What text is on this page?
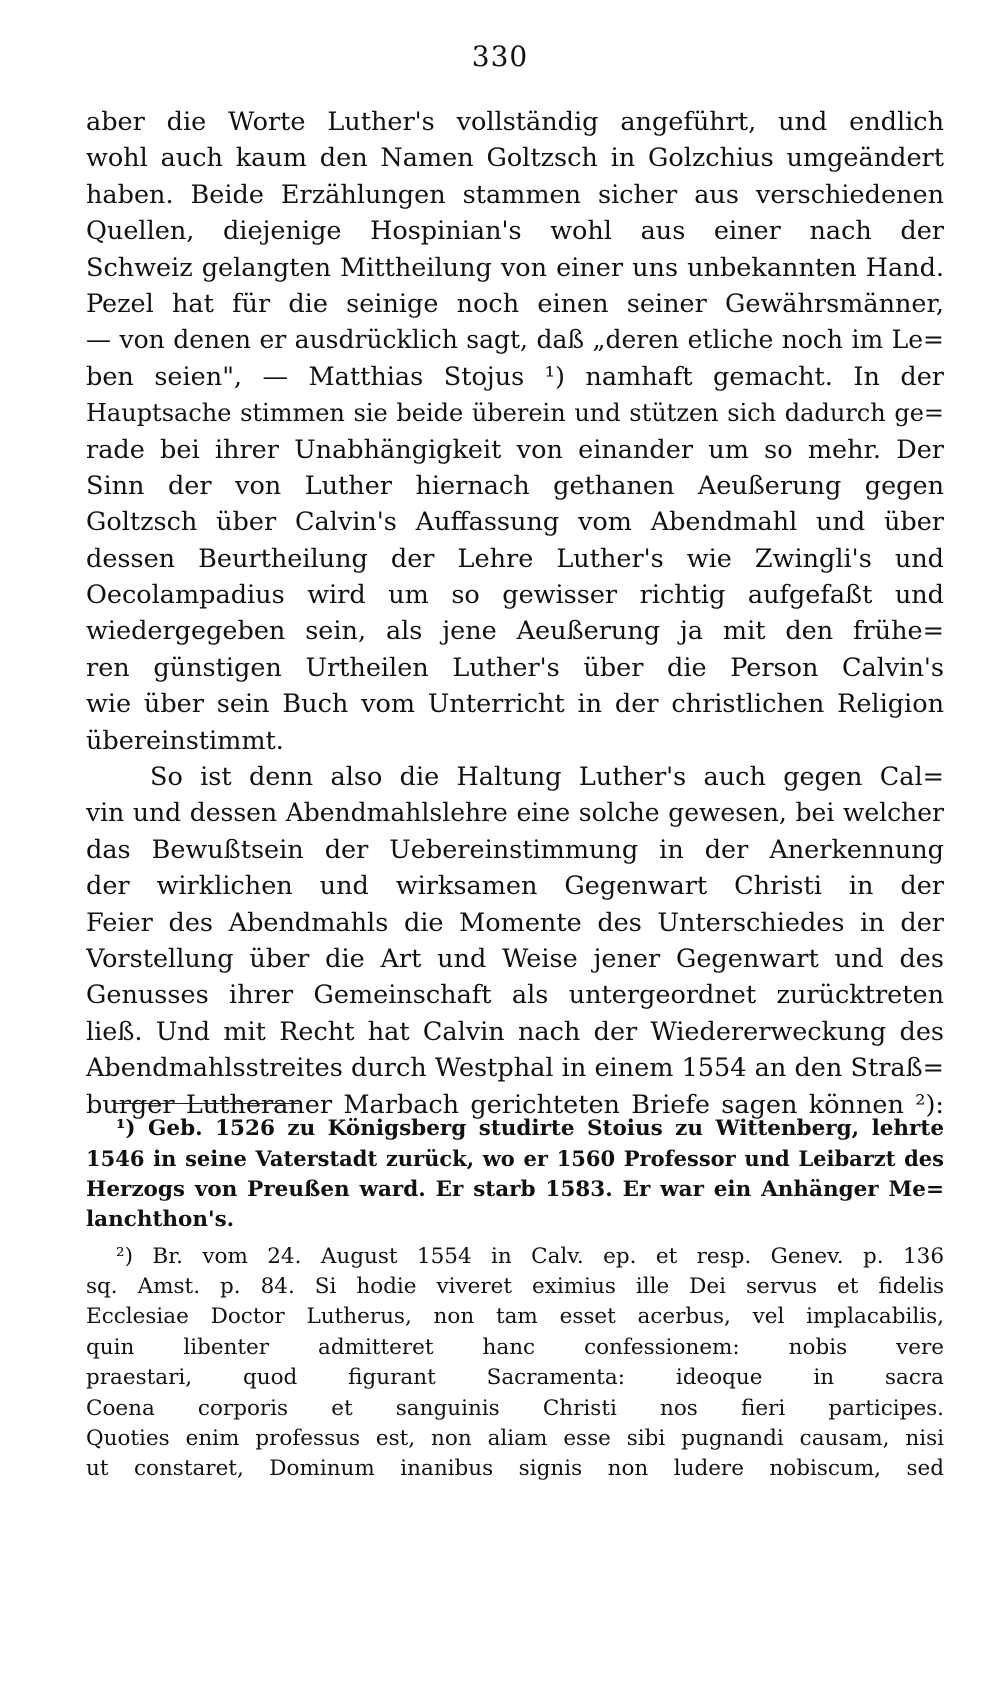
330
aber die Worte Luther's vollständig angeführt, und endlich
wohl auch kaum den Namen Goltzsch in Golzchius umgeändert
haben. Beide Erzählungen stammen sicher aus verschiedenen
Quellen, diejenige Hospinian's wohl aus einer nach der
Schweiz gelangten Mittheilung von einer uns unbekannten Hand.
Pezel hat für die seinige noch einen seiner Gewährsmänner,
— von denen er ausdrücklich sagt, daß „deren etliche noch im Le=
ben seien", — Matthias Stojus ¹) namhaft gemacht. In der
Hauptsache stimmen sie beide überein und stützen sich dadurch ge=
rade bei ihrer Unabhängigkeit von einander um so mehr. Der
Sinn der von Luther hiernach gethanen Aeußerung gegen
Goltzsch über Calvin's Auffassung vom Abendmahl und über
dessen Beurtheilung der Lehre Luther's wie Zwingli's und
Oecolampadius wird um so gewisser richtig aufgefaßt und
wiedergegeben sein, als jene Aeußerung ja mit den frühe=
ren günstigen Urtheilen Luther's über die Person Calvin's
wie über sein Buch vom Unterricht in der christlichen Religion
übereinstimmt.
So ist denn also die Haltung Luther's auch gegen Cal=
vin und dessen Abendmahlslehre eine solche gewesen, bei welcher
das Bewußtsein der Uebereinstimmung in der Anerkennung
der wirklichen und wirksamen Gegenwart Christi in der
Feier des Abendmahls die Momente des Unterschiedes in der
Vorstellung über die Art und Weise jener Gegenwart und des
Genusses ihrer Gemeinschaft als untergeordnet zurücktreten
ließ. Und mit Recht hat Calvin nach der Wiedererweckung des
Abendmahlsstreites durch Westphal in einem 1554 an den Straß=
burger Lutheraner Marbach gerichteten Briefe sagen können ²):
¹) Geb. 1526 zu Königsberg studirte Stoius zu Wittenberg, lehrte
1546 in seine Vaterstadt zurück, wo er 1560 Professor und Leibarzt des
Herzogs von Preußen ward. Er starb 1583. Er war ein Anhänger Me=
lanchthon's.
²) Br. vom 24. August 1554 in Calv. ep. et resp. Genev. p. 136
sq. Amst. p. 84. Si hodie viveret eximius ille Dei servus et fidelis
Ecclesiae Doctor Lutherus, non tam esset acerbus, vel implacabilis,
quin libenter admitteret hanc confessionem: nobis vere
praestari, quod figurant Sacramenta: ideoque in sacra
Coena corporis et sanguinis Christi nos fieri participes.
Quoties enim professus est, non aliam esse sibi pugnandi causam, nisi
ut constaret, Dominum inanibus signis non ludere nobiscum, sed
